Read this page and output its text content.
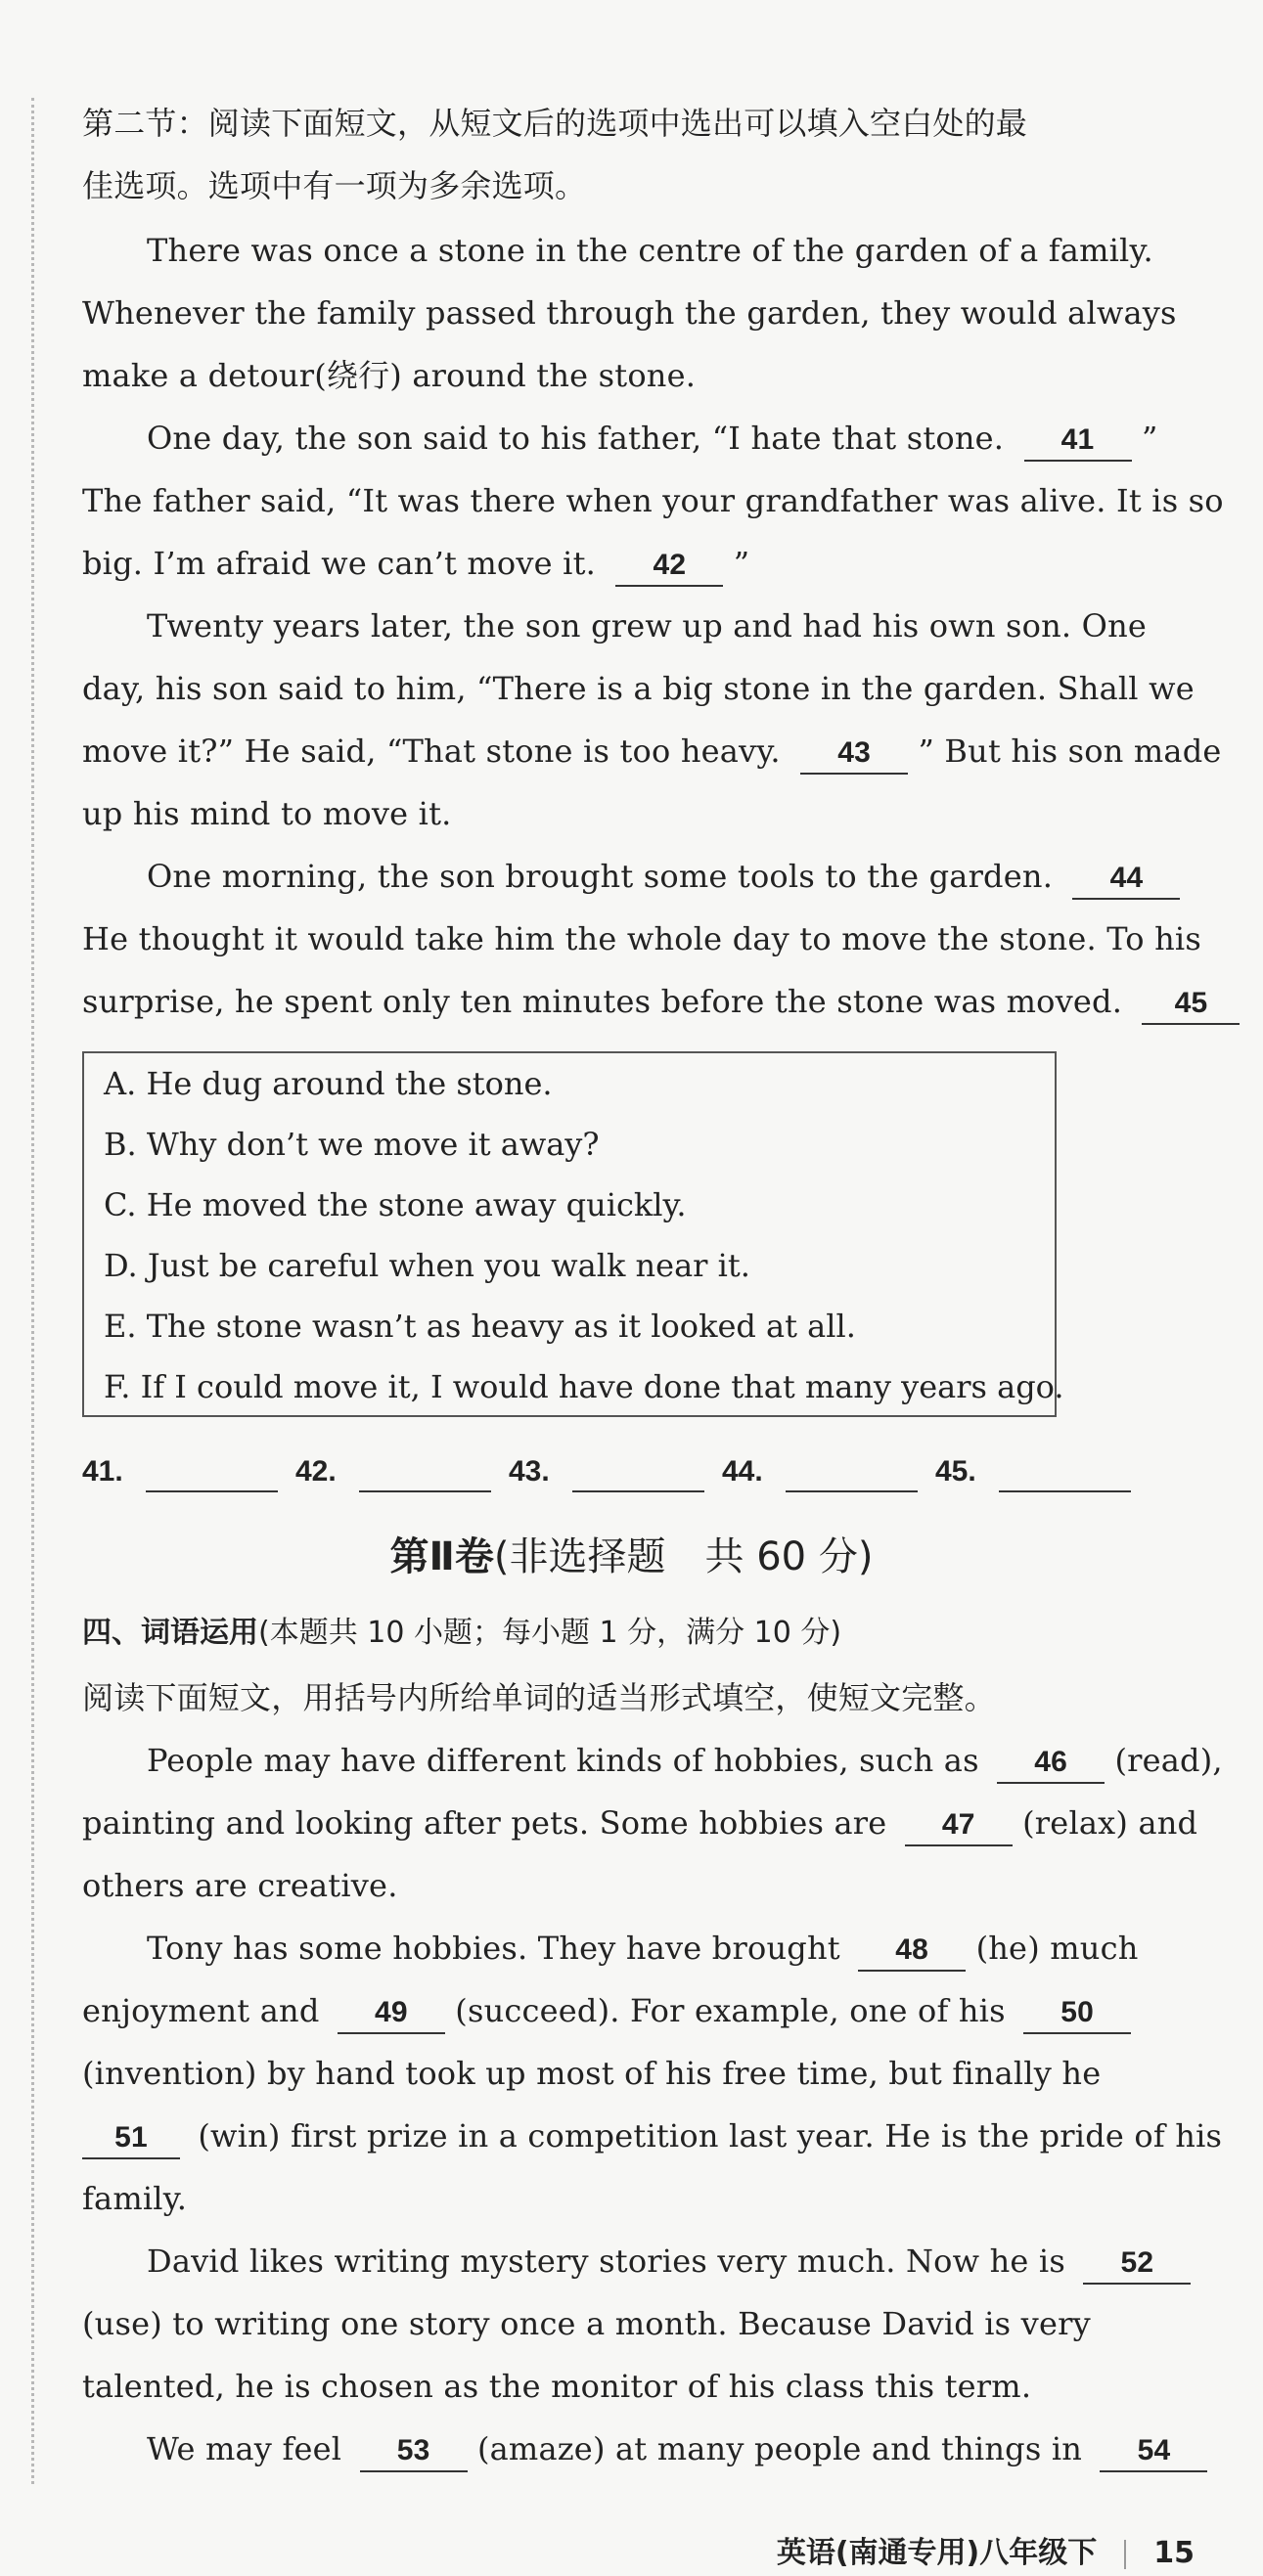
第二节：阅读下面短文，从短文后的选项中选出可以填入空白处的最
佳选项。选项中有一项为多余选项。
There was once a stone in the centre of the garden of a family.
Whenever the family passed through the garden, they would always
make a detour(绕行) around the stone.
One day, the son said to his father, “I hate that stone. 41 ”
The father said, “It was there when your grandfather was alive. It is so
big. I’m afraid we can’t move it. 42 ”
Twenty years later, the son grew up and had his own son. One
day, his son said to him, “There is a big stone in the garden. Shall we
move it?” He said, “That stone is too heavy. 43 ” But his son made
up his mind to move it.
One morning, the son brought some tools to the garden. 44
He thought it would take him the whole day to move the stone. To his
surprise, he spent only ten minutes before the stone was moved. 45
A. He dug around the stone.
B. Why don’t we move it away?
C. He moved the stone away quickly.
D. Just be careful when you walk near it.
E. The stone wasn’t as heavy as it looked at all.
F. If I could move it, I would have done that many years ago.
41.	42.	43.	44.	45.
第Ⅱ卷(非选择题　共 60 分)
四、词语运用(本题共 10 小题；每小题 1 分，满分 10 分)
阅读下面短文，用括号内所给单词的适当形式填空，使短文完整。
People may have different kinds of hobbies, such as 46 (read),
painting and looking after pets. Some hobbies are 47 (relax) and
others are creative.
Tony has some hobbies. They have brought 48 (he) much
enjoyment and 49 (succeed). For example, one of his 50
(invention) by hand took up most of his free time, but finally he
51 (win) first prize in a competition last year. He is the pride of his
family.
David likes writing mystery stories very much. Now he is 52
(use) to writing one story once a month. Because David is very
talented, he is chosen as the monitor of his class this term.
We may feel 53 (amaze) at many people and things in 54
英语(南通专用)八年级下 15
